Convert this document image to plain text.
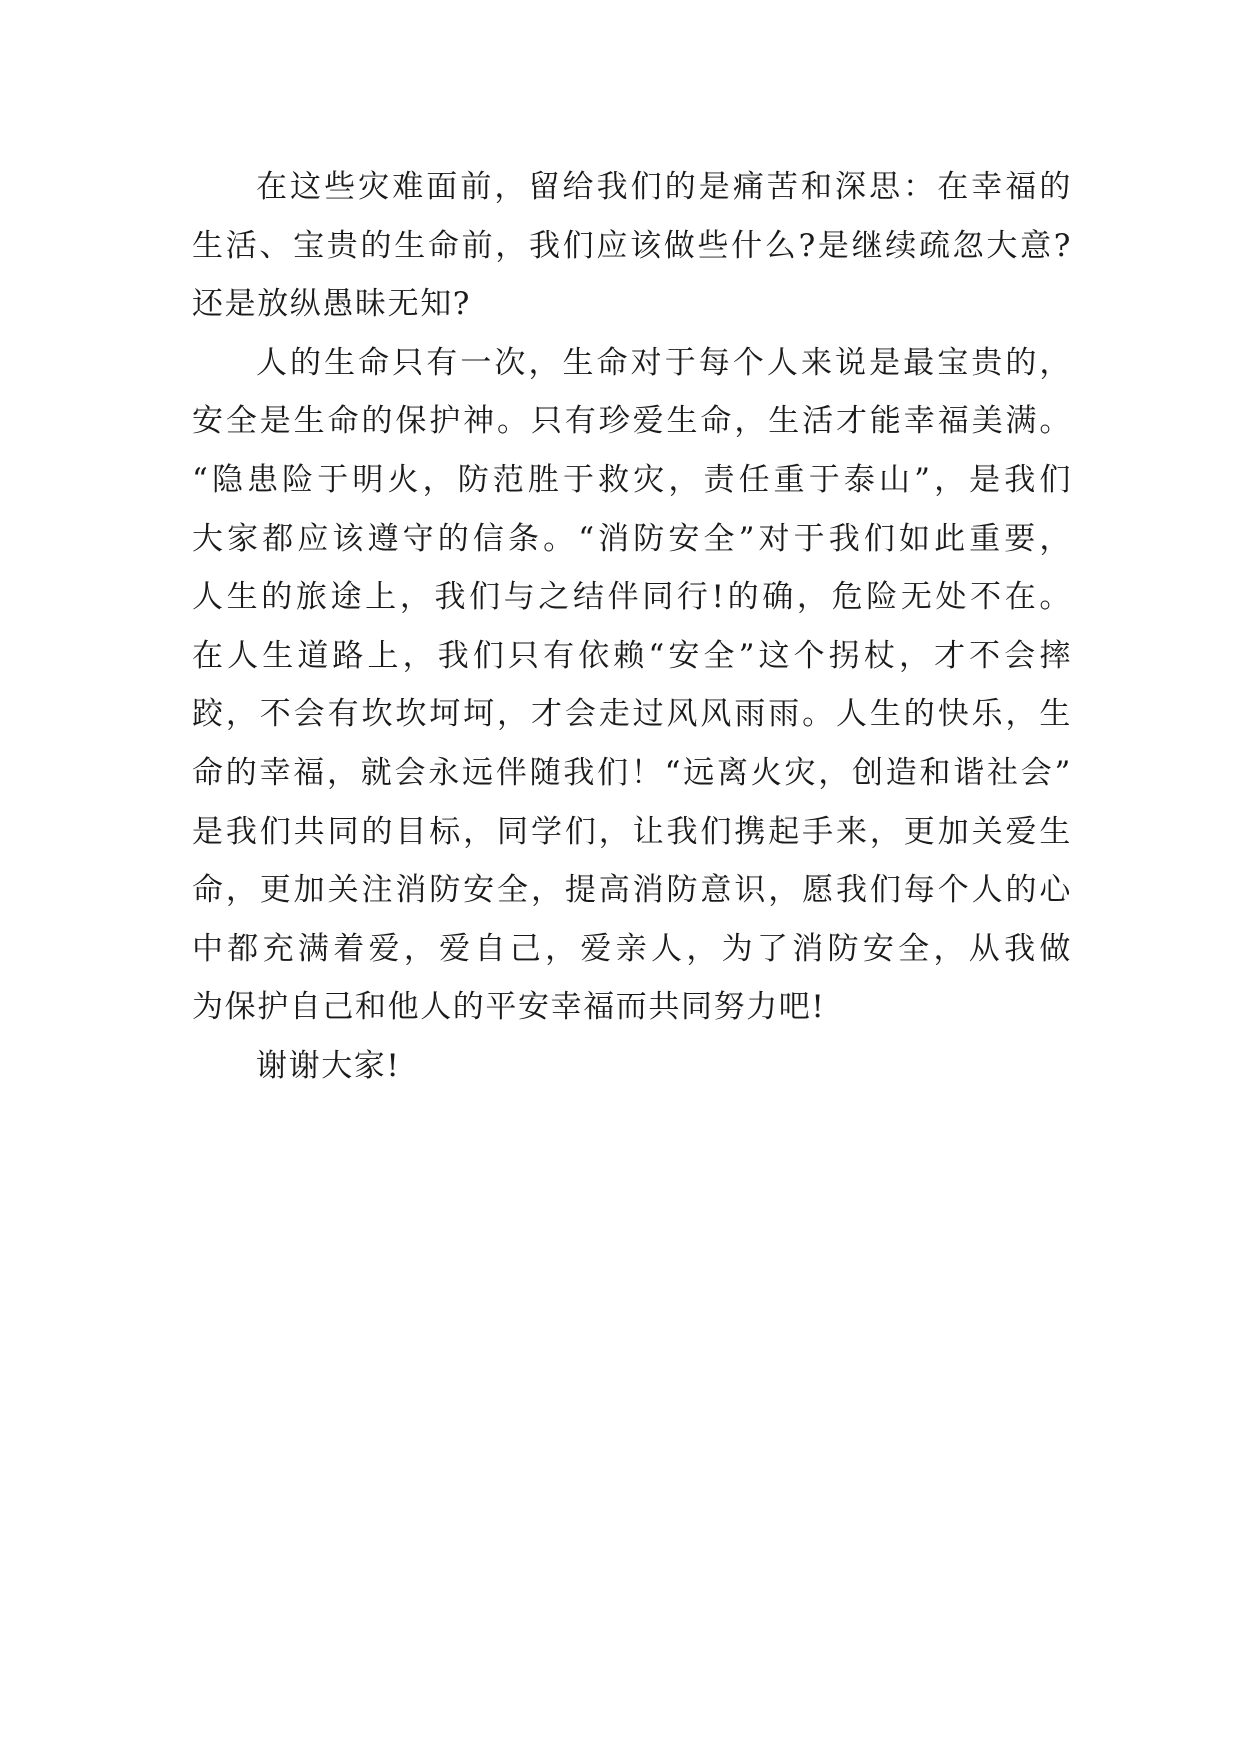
在这些灾难面前，留给我们的是痛苦和深思：在幸福的
生活、宝贵的生命前，我们应该做些什么?是继续疏忽大意?
还是放纵愚昧无知?
人的生命只有一次，生命对于每个人来说是最宝贵的，
安全是生命的保护神。只有珍爱生命，生活才能幸福美满。
“隐患险于明火，防范胜于救灾，责任重于泰山”，是我们
大家都应该遵守的信条。“消防安全”对于我们如此重要，
人生的旅途上，我们与之结伴同行!的确，危险无处不在。
在人生道路上，我们只有依赖“安全”这个拐杖，才不会摔
跤，不会有坎坎坷坷，才会走过风风雨雨。人生的快乐，生
命的幸福，就会永远伴随我们！“远离火灾，创造和谐社会”
是我们共同的目标，同学们，让我们携起手来，更加关爱生
命，更加关注消防安全，提高消防意识，愿我们每个人的心
中都充满着爱，爱自己，爱亲人，为了消防安全，从我做
为保护自己和他人的平安幸福而共同努力吧!
谢谢大家!
